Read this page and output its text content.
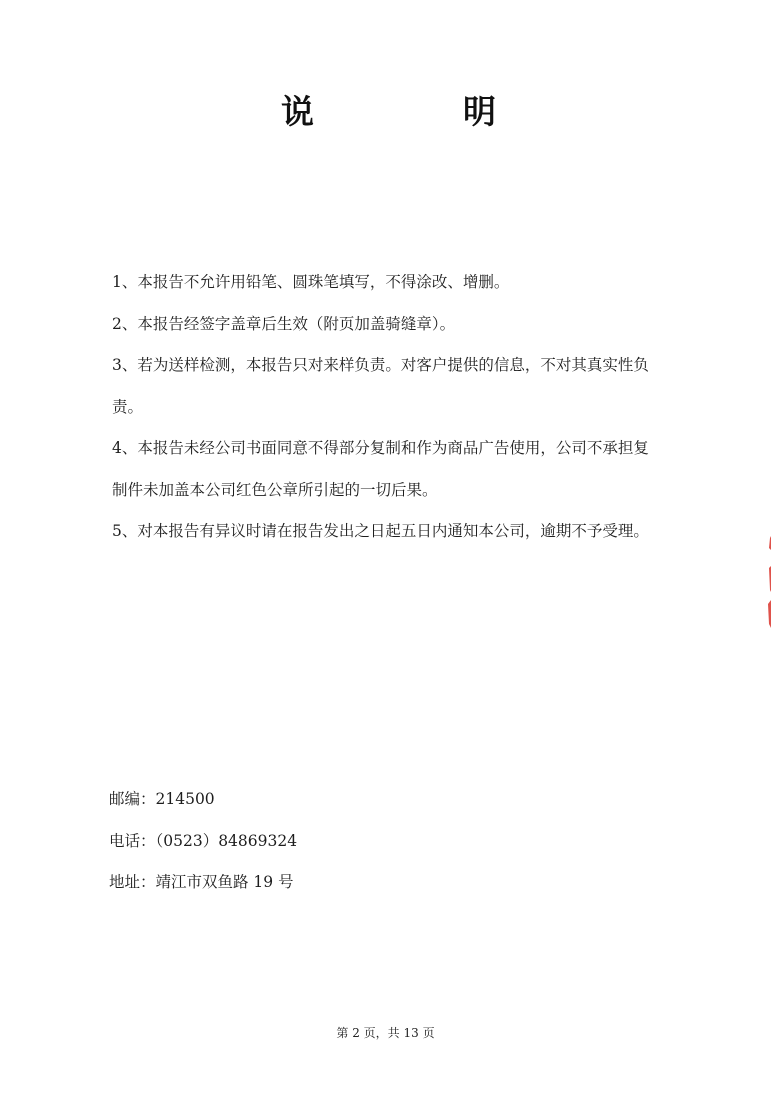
说	明
1、本报告不允许用铅笔、圆珠笔填写，不得涂改、增删。
2、本报告经签字盖章后生效（附页加盖骑缝章）。
3、若为送样检测，本报告只对来样负责。对客户提供的信息，不对其真实性负
责。
4、本报告未经公司书面同意不得部分复制和作为商品广告使用，公司不承担复
制件未加盖本公司红色公章所引起的一切后果。
5、对本报告有异议时请在报告发出之日起五日内通知本公司，逾期不予受理。
邮编：214500
电话：（0523）84869324
地址：靖江市双鱼路 19 号
第 2 页，共 13 页
